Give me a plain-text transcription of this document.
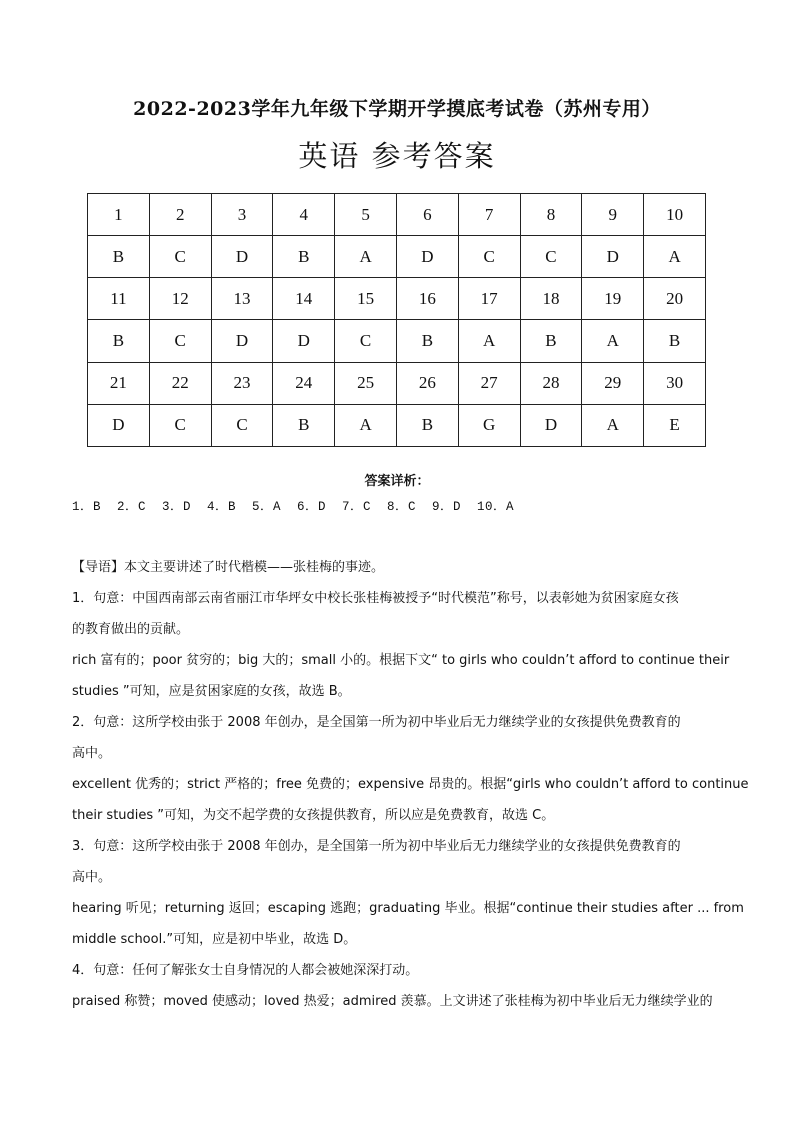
2022-2023学年九年级下学期开学摸底考试卷（苏州专用）
英语 参考答案
1	2	3	4	5	6	7	8	9	10
B	C	D	B	A	D	C	C	D	A
11	12	13	14	15	16	17	18	19	20
B	C	D	D	C	B	A	B	A	B
21	22	23	24	25	26	27	28	29	30
D	C	C	B	A	B	G	D	A	E
答案详析：
1．B  2．C  3．D  4．B  5．A  6．D  7．C  8．C  9．D  10．A

【导语】本文主要讲述了时代楷模——张桂梅的事迹。

1．句意：中国西南部云南省丽江市华坪女中校长张桂梅被授予“时代模范”称号，以表彰她为贫困家庭女孩

的教育做出的贡献。

rich 富有的；poor 贫穷的；big 大的；small 小的。根据下文“ to girls who couldn’t afford to continue their

studies ”可知，应是贫困家庭的女孩，故选 B。

2．句意：这所学校由张于 2008 年创办，是全国第一所为初中毕业后无力继续学业的女孩提供免费教育的

高中。

excellent 优秀的；strict 严格的；free 免费的；expensive 昂贵的。根据“girls who couldn’t afford to continue

their studies ”可知，为交不起学费的女孩提供教育，所以应是免费教育，故选 C。

3．句意：这所学校由张于 2008 年创办，是全国第一所为初中毕业后无力继续学业的女孩提供免费教育的

高中。

hearing 听见；returning 返回；escaping 逃跑；graduating 毕业。根据“continue their studies after ... from

middle school.”可知，应是初中毕业，故选 D。

4．句意：任何了解张女士自身情况的人都会被她深深打动。

praised 称赞；moved 使感动；loved 热爱；admired 羡慕。上文讲述了张桂梅为初中毕业后无力继续学业的
